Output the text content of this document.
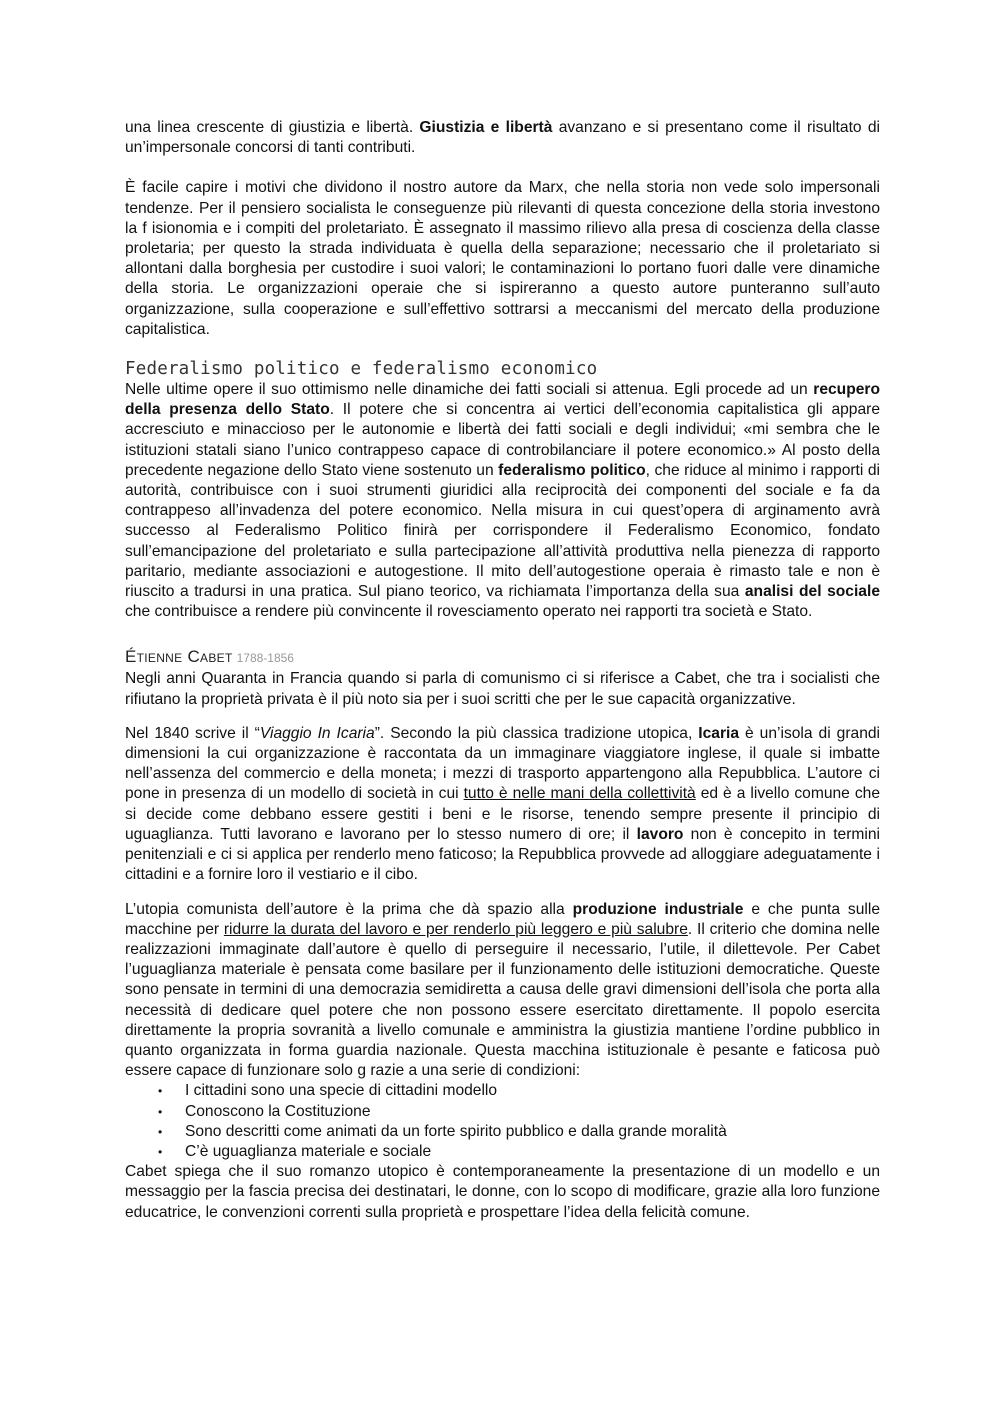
una linea crescente di giustizia e libertà. Giustizia e libertà avanzano e si presentano come il risultato di un’impersonale concorsi di tanti contributi.

È facile capire i motivi che dividono il nostro autore da Marx, che nella storia non vede solo impersonali tendenze. Per il pensiero socialista le conseguenze più rilevanti di questa concezione della storia investono la f isionomia e i compiti del proletariato. È assegnato il massimo rilievo alla presa di coscienza della classe proletaria; per questo la strada individuata è quella della separazione; necessario che il proletariato si allontani dalla borghesia per custodire i suoi valori; le contaminazioni lo portano fuori dalle vere dinamiche della storia. Le organizzazioni operaie che si ispireranno a questo autore punteranno sull’auto organizzazione, sulla cooperazione e sull’effettivo sottrarsi a meccanismi del mercato della produzione capitalistica.

Federalismo politico e federalismo economico

Nelle ultime opere il suo ottimismo nelle dinamiche dei fatti sociali si attenua. Egli procede ad un recupero della presenza dello Stato. Il potere che si concentra ai vertici dell’economia capitalistica gli appare accresciuto e minaccioso per le autonomie e libertà dei fatti sociali e degli individui; «mi sembra che le istituzioni statali siano l’unico contrappeso capace di controbilanciare il potere economico.» Al posto della precedente negazione dello Stato viene sostenuto un federalismo politico, che riduce al minimo i rapporti di autorità, contribuisce con i suoi strumenti giuridici alla reciprocità dei componenti del sociale e fa da contrappeso all’invadenza del potere economico. Nella misura in cui quest’opera di arginamento avrà successo al Federalismo Politico finirà per corrispondere il Federalismo Economico, fondato sull’emancipazione del proletariato e sulla partecipazione all’attività produttiva nella pienezza di rapporto paritario, mediante associazioni e autogestione. Il mito dell’autogestione operaia è rimasto tale e non è riuscito a tradursi in una pratica. Sul piano teorico, va richiamata l’importanza della sua analisi del sociale che contribuisce a rendere più convincente il rovesciamento operato nei rapporti tra società e Stato.

Étienne Cabet 1788-1856

Negli anni Quaranta in Francia quando si parla di comunismo ci si riferisce a Cabet, che tra i socialisti che rifiutano la proprietà privata è il più noto sia per i suoi scritti che per le sue capacità organizzative.

Nel 1840 scrive il “Viaggio In Icaria”. Secondo la più classica tradizione utopica, Icaria è un’isola di grandi dimensioni la cui organizzazione è raccontata da un immaginare viaggiatore inglese, il quale si imbatte nell’assenza del commercio e della moneta; i mezzi di trasporto appartengono alla Repubblica. L’autore ci pone in presenza di un modello di società in cui tutto è nelle mani della collettività ed è a livello comune che si decide come debbano essere gestiti i beni e le risorse, tenendo sempre presente il principio di uguaglianza. Tutti lavorano e lavorano per lo stesso numero di ore; il lavoro non è concepito in termini penitenziali e ci si applica per renderlo meno faticoso; la Repubblica provvede ad alloggiare adeguatamente i cittadini e a fornire loro il vestiario e il cibo.

L’utopia comunista dell’autore è la prima che dà spazio alla produzione industriale e che punta sulle macchine per ridurre la durata del lavoro e per renderlo più leggero e più salubre. Il criterio che domina nelle realizzazioni immaginate dall’autore è quello di perseguire il necessario, l’utile, il dilettevole. Per Cabet l’uguaglianza materiale è pensata come basilare per il funzionamento delle istituzioni democratiche. Queste sono pensate in termini di una democrazia semidiretta a causa delle gravi dimensioni dell’isola che porta alla necessità di dedicare quel potere che non possono essere esercitato direttamente. Il popolo esercita direttamente la propria sovranità a livello comunale e amministra la giustizia mantiene l’ordine pubblico in quanto organizzata in forma guardia nazionale. Questa macchina istituzionale è pesante e faticosa può essere capace di funzionare solo g razie a una serie di condizioni:

• I cittadini sono una specie di cittadini modello
• Conoscono la Costituzione
• Sono descritti come animati da un forte spirito pubblico e dalla grande moralità
• C’è uguaglianza materiale e sociale

Cabet spiega che il suo romanzo utopico è contemporaneamente la presentazione di un modello e un messaggio per la fascia precisa dei destinatari, le donne, con lo scopo di modificare, grazie alla loro funzione educatrice, le convenzioni correnti sulla proprietà e prospettare l’idea della felicità comune.
